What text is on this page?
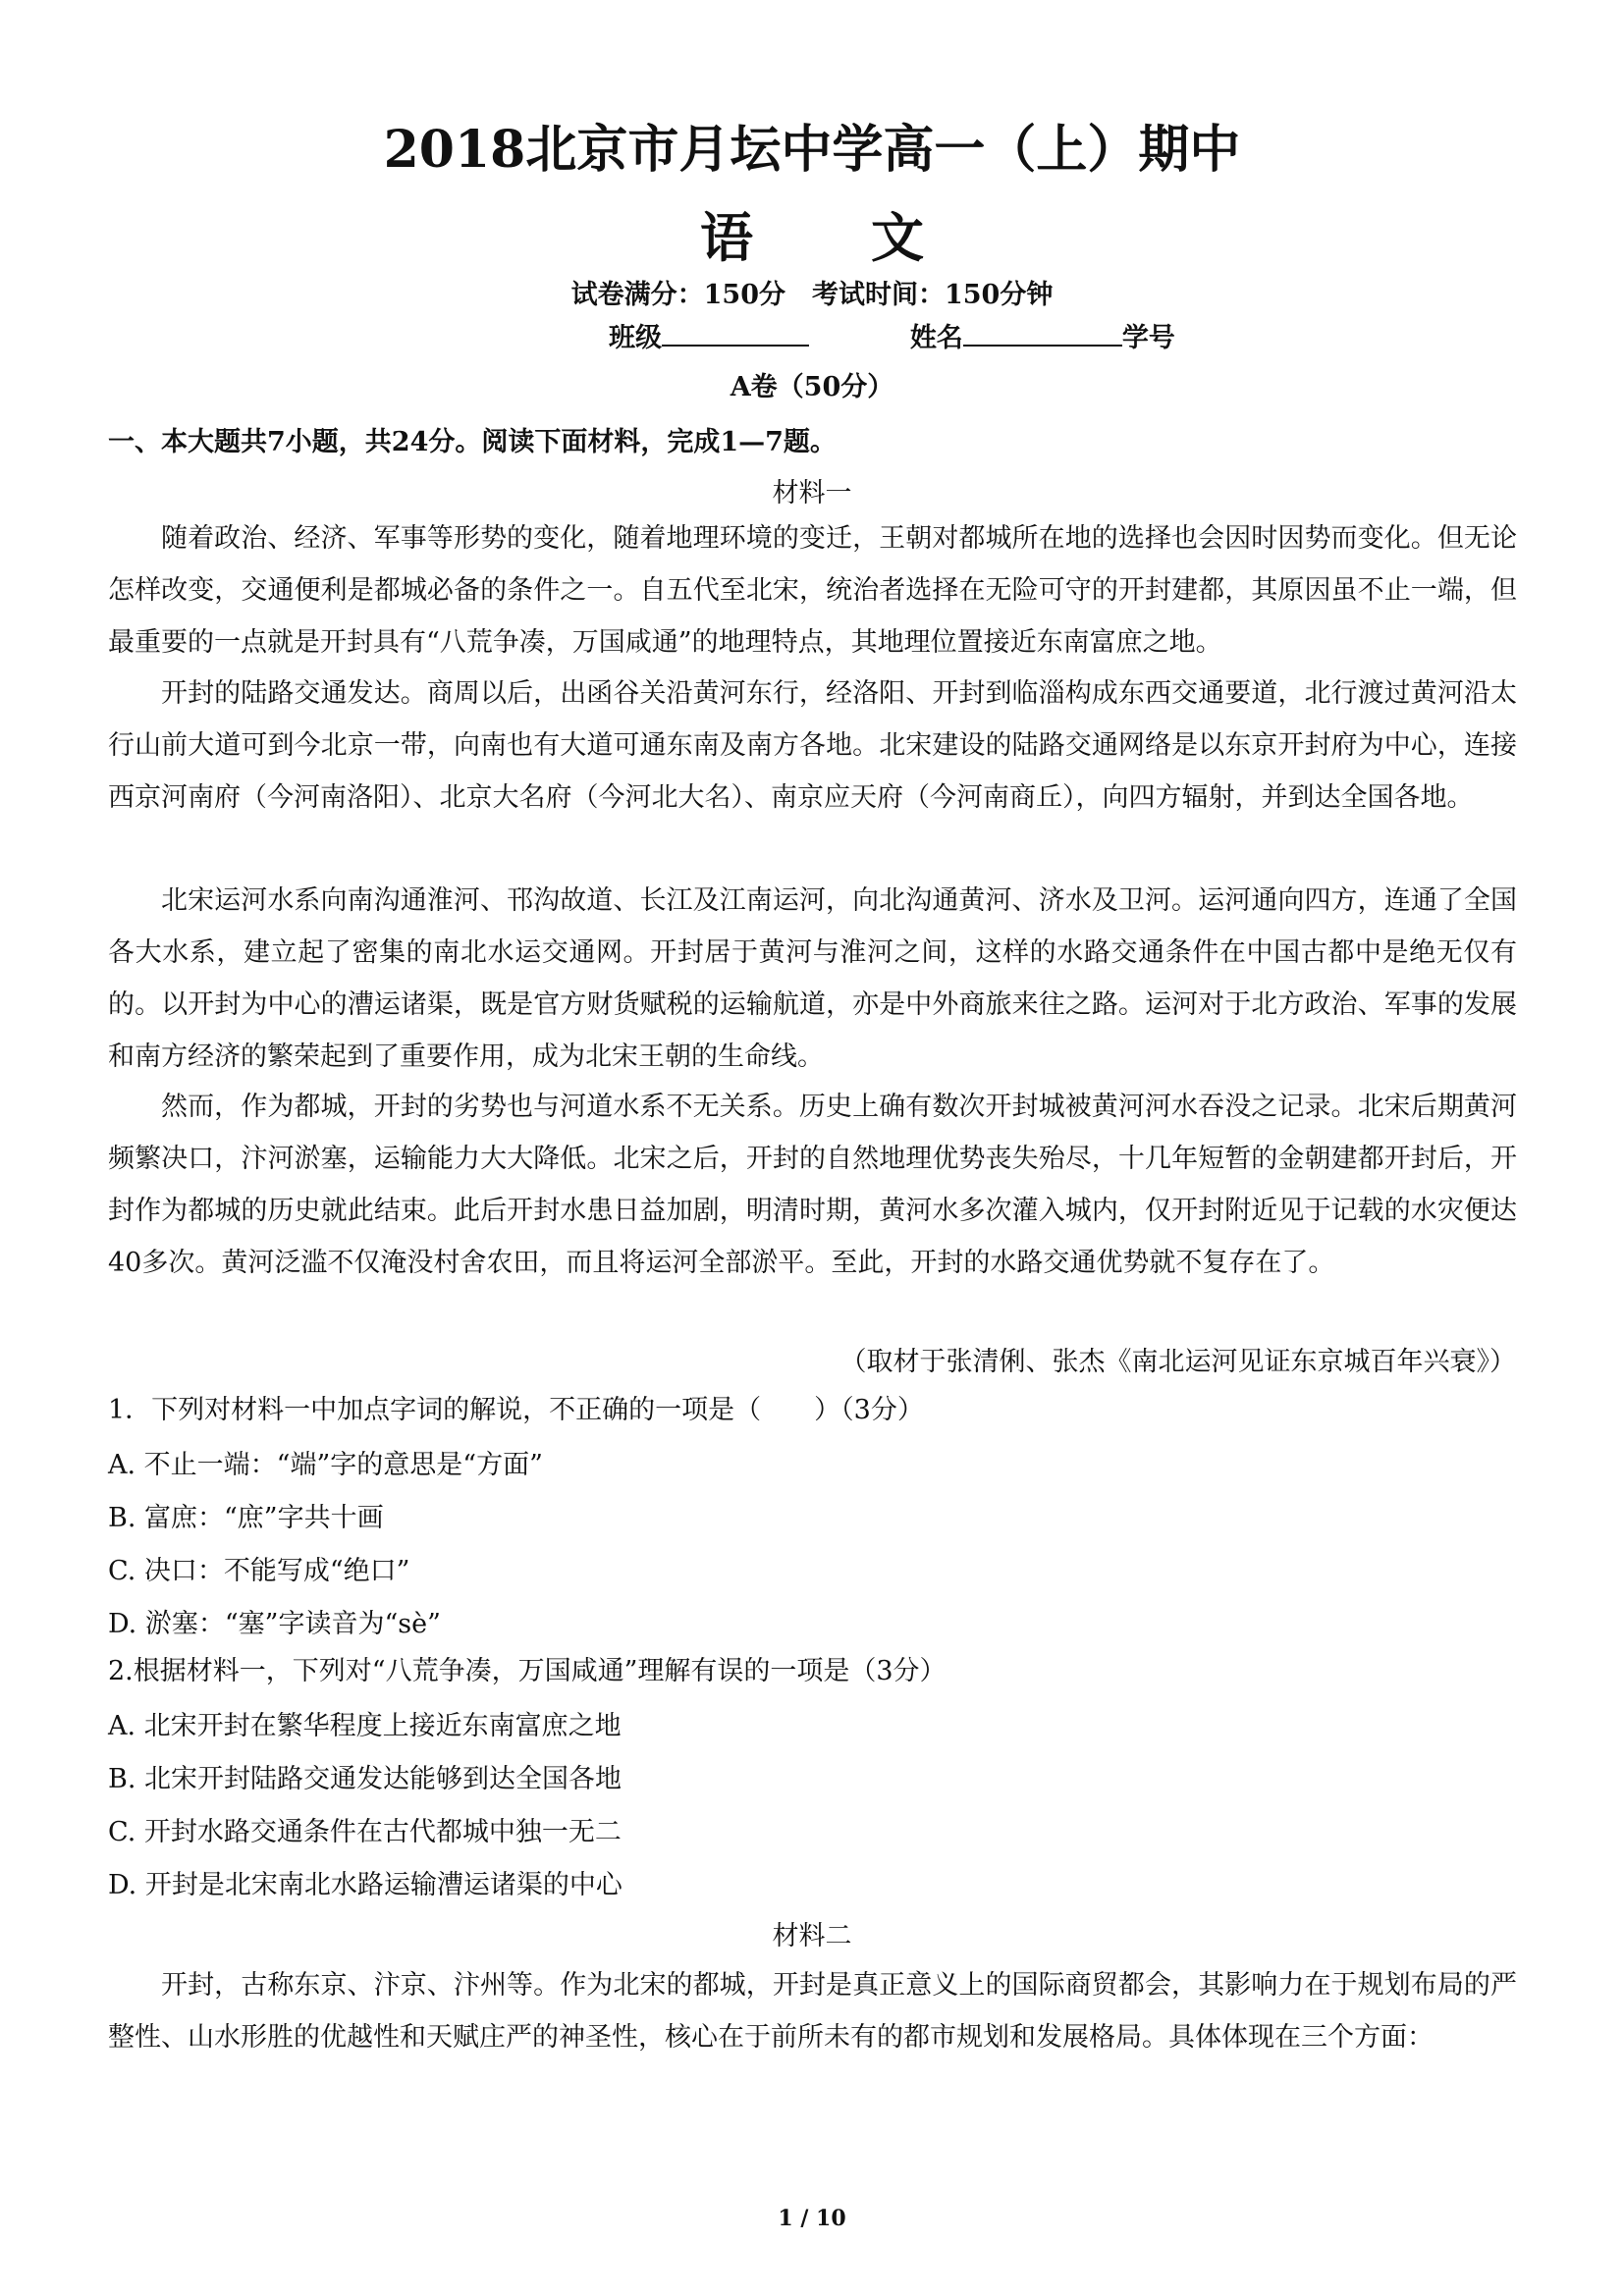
2018北京市月坛中学高一（上）期中
语文
试卷满分：150分　考试时间：150分钟
班级	姓名	学号
A卷（50分）
一、本大题共7小题，共24分。阅读下面材料，完成1—7题。
材料一
随着政治、经济、军事等形势的变化，随着地理环境的变迁，王朝对都城所在地的选择也会因时因势而变化。但无论怎样改变，交通便利是都城必备的条件之一。自五代至北宋，统治者选择在无险可守的开封建都，其原因虽不止一端，但最重要的一点就是开封具有“八荒争凑，万国咸通”的地理特点，其地理位置接近东南富庶之地。
开封的陆路交通发达。商周以后，出函谷关沿黄河东行，经洛阳、开封到临淄构成东西交通要道，北行渡过黄河沿太行山前大道可到今北京一带，向南也有大道可通东南及南方各地。北宋建设的陆路交通网络是以东京开封府为中心，连接西京河南府（今河南洛阳）、北京大名府（今河北大名）、南京应天府（今河南商丘），向四方辐射，并到达全国各地。
北宋运河水系向南沟通淮河、邗沟故道、长江及江南运河，向北沟通黄河、济水及卫河。运河通向四方，连通了全国各大水系，建立起了密集的南北水运交通网。开封居于黄河与淮河之间，这样的水路交通条件在中国古都中是绝无仅有的。以开封为中心的漕运诸渠，既是官方财货赋税的运输航道，亦是中外商旅来往之路。运河对于北方政治、军事的发展和南方经济的繁荣起到了重要作用，成为北宋王朝的生命线。
然而，作为都城，开封的劣势也与河道水系不无关系。历史上确有数次开封城被黄河河水吞没之记录。北宋后期黄河频繁决口，汴河淤塞，运输能力大大降低。北宋之后，开封的自然地理优势丧失殆尽，十几年短暂的金朝建都开封后，开封作为都城的历史就此结束。此后开封水患日益加剧，明清时期，黄河水多次灌入城内，仅开封附近见于记载的水灾便达40多次。黄河泛滥不仅淹没村舍农田，而且将运河全部淤平。至此，开封的水路交通优势就不复存在了。
（取材于张清俐、张杰《南北运河见证东京城百年兴衰》）
1．下列对材料一中加点字词的解说，不正确的一项是（　　）（3分）
A. 不止一端：“端”字的意思是“方面”
B. 富庶：“庶”字共十画
C. 决口：不能写成“绝口”
D. 淤塞：“塞”字读音为“sè”
2.根据材料一，下列对“八荒争凑，万国咸通”理解有误的一项是（3分）
A. 北宋开封在繁华程度上接近东南富庶之地
B. 北宋开封陆路交通发达能够到达全国各地
C. 开封水路交通条件在古代都城中独一无二
D. 开封是北宋南北水路运输漕运诸渠的中心
材料二
开封，古称东京、汴京、汴州等。作为北宋的都城，开封是真正意义上的国际商贸都会，其影响力在于规划布局的严整性、山水形胜的优越性和天赋庄严的神圣性，核心在于前所未有的都市规划和发展格局。具体体现在三个方面：
1 / 10
